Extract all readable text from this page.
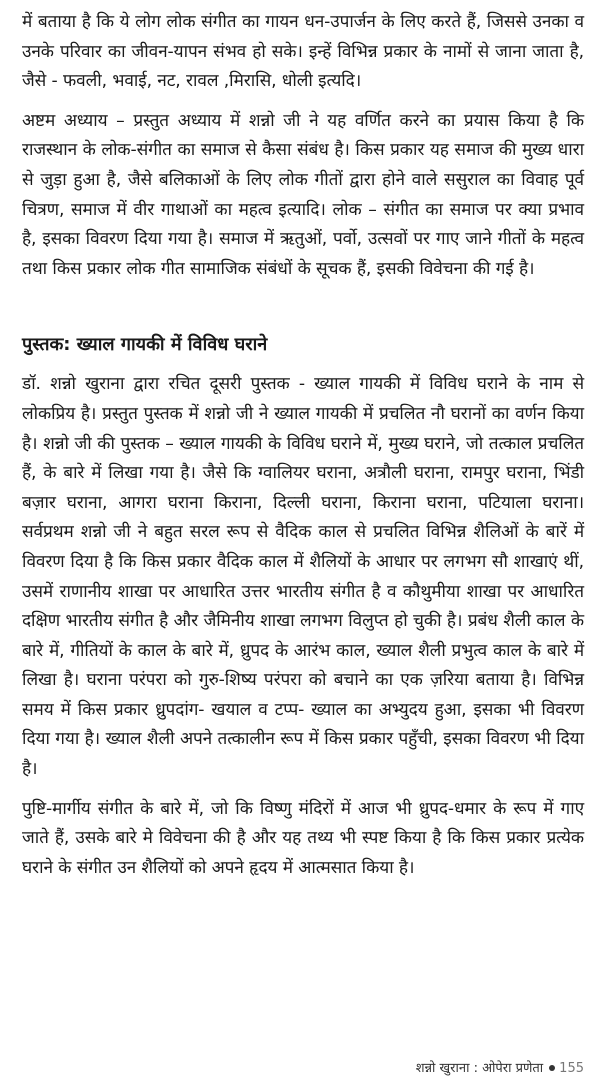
में बताया है कि ये लोग लोक संगीत का गायन धन-उपार्जन के लिए करते हैं, जिससे उनका व उनके परिवार का जीवन-यापन संभव हो सके। इन्हें विभिन्न प्रकार के नामों से जाना जाता है, जैसे - फवली, भवाई, नट, रावल ,मिरासि, धोली इत्यदि।

अष्टम अध्याय – प्रस्तुत अध्याय में शन्नो जी ने यह वर्णित करने का प्रयास किया है कि राजस्थान के लोक-संगीत का समाज से कैसा संबंध है। किस प्रकार यह समाज की मुख्य धारा से जुड़ा हुआ है, जैसे बलिकाओं के लिए लोक गीतों द्वारा होने वाले ससुराल का विवाह पूर्व चित्रण, समाज में वीर गाथाओं का महत्व इत्यादि। लोक – संगीत का समाज पर क्या प्रभाव है, इसका विवरण दिया गया है। समाज में ऋतुओं, पर्वो, उत्सवों पर गाए जाने गीतों के महत्व तथा किस प्रकार लोक गीत सामाजिक संबंधों के सूचक हैं, इसकी विवेचना की गई है।

पुस्तक: ख्याल गायकी में विविध घराने

डॉ. शन्नो खुराना द्वारा रचित दूसरी पुस्तक - ख्याल गायकी में विविध घराने के नाम से लोकप्रिय है। प्रस्तुत पुस्तक में शन्नो जी ने ख्याल गायकी में प्रचलित नौ घरानों का वर्णन किया है। शन्नो जी की पुस्तक – ख्याल गायकी के विविध घराने में, मुख्य घराने, जो तत्काल प्रचलित हैं, के बारे में लिखा गया है। जैसे कि ग्वालियर घराना, अत्रौली घराना, रामपुर घराना, भिंडी बज़ार घराना, आगरा घराना किराना, दिल्ली घराना, किराना घराना, पटियाला घराना। सर्वप्रथम शन्नो जी ने बहुत सरल रूप से वैदिक काल से प्रचलित विभिन्न शैलिओं के बारें में विवरण दिया है कि किस प्रकार वैदिक काल में शैलियों के आधार पर लगभग सौ शाखाएं थीं, उसमें राणानीय शाखा पर आधारित उत्तर भारतीय संगीत है व कौथुमीया शाखा पर आधारित दक्षिण भारतीय संगीत है और जैमिनीय शाखा लगभग विलुप्त हो चुकी है। प्रबंध शैली काल के बारे में, गीतियों के काल के बारे में, ध्रुपद के आरंभ काल, ख्याल शैली प्रभुत्व काल के बारे में लिखा है। घराना परंपरा को गुरु-शिष्य परंपरा को बचाने का एक ज़रिया बताया है। विभिन्न समय में किस प्रकार ध्रुपदांग- खयाल व टप्प- ख्याल का अभ्युदय हुआ, इसका भी विवरण दिया गया है। ख्याल शैली अपने तत्कालीन रूप में किस प्रकार पहुँची, इसका विवरण भी दिया है।

पुष्टि-मार्गीय संगीत के बारे में, जो कि विष्णु मंदिरों में आज भी ध्रुपद-धमार के रूप में गाए जाते हैं, उसके बारे मे विवेचना की है और यह तथ्य भी स्पष्ट किया है कि किस प्रकार प्रत्येक घराने के संगीत उन शैलियों को अपने हृदय में आत्मसात किया है।

शन्नो खुराना : ओपेरा प्रणेता 155
